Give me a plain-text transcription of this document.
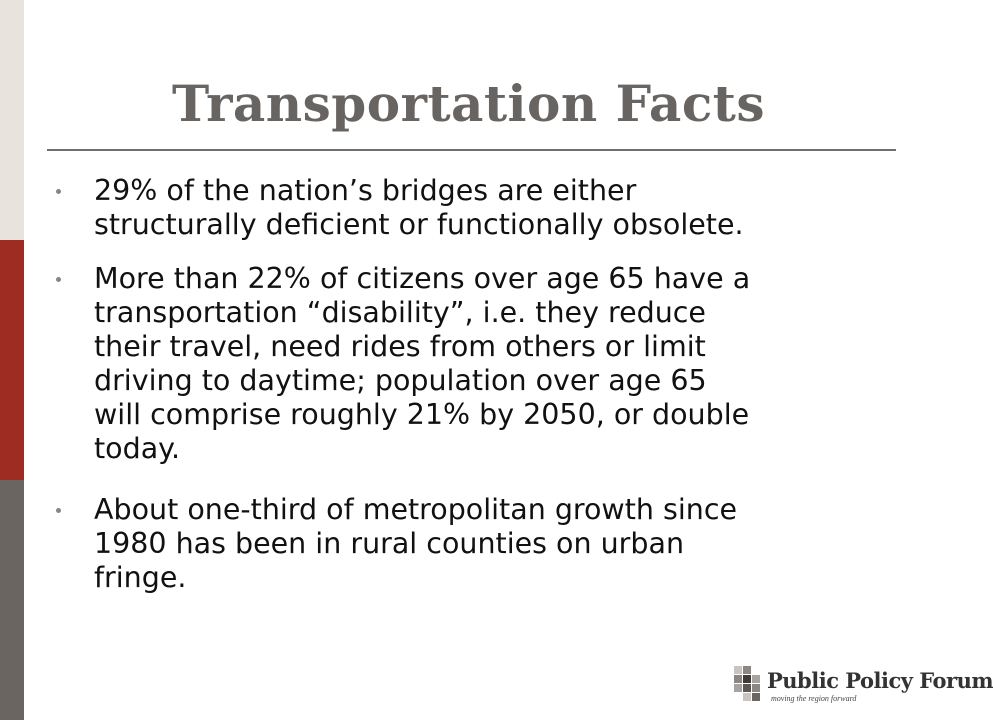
Transportation Facts
29% of the nation’s bridges are either
structurally deficient or functionally obsolete.
More than 22% of citizens over age 65 have a
transportation “disability”, i.e. they reduce
their travel, need rides from others or limit
driving to daytime; population over age 65
will comprise roughly 21% by 2050, or double
today.
About one-third of metropolitan growth since
1980 has been in rural counties on urban
fringe.
Public Policy Forum
moving the region forward
